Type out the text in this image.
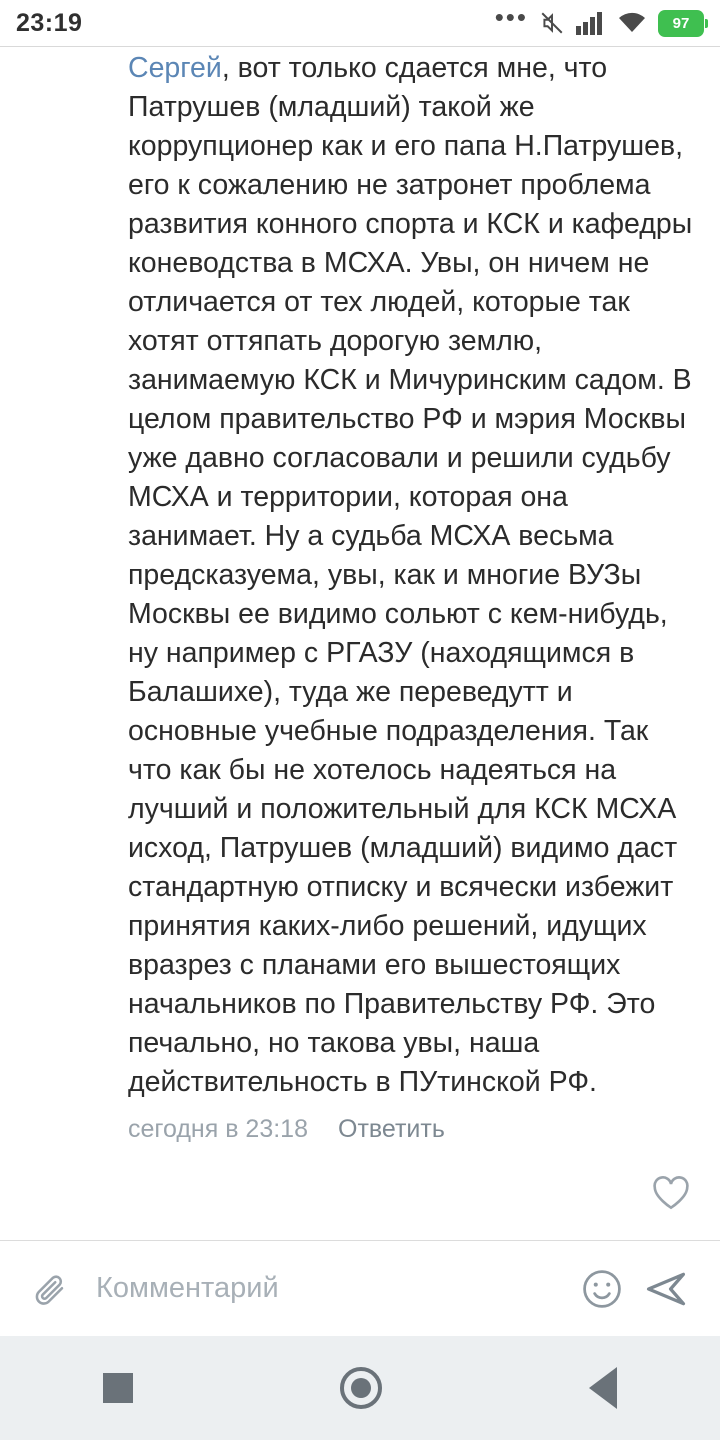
23:19	•••	97
Сергей, вот только сдается мне, что Патрушев (младший) такой же коррупционер как и его папа Н.Патрушев, его к сожалению не затронет проблема развития конного спорта и КСК и кафедры коневодства в МСХА. Увы, он ничем не отличается от тех людей, которые так хотят оттяпать дорогую землю, занимаемую КСК и Мичуринским садом. В целом правительство РФ и мэрия Москвы уже давно согласовали и решили судьбу МСХА и территории, которая она занимает. Ну а судьба МСХА весьма предсказуема, увы, как и многие ВУЗы Москвы ее видимо сольют с кем-нибудь, ну например с РГАЗУ (находящимся в Балашихе), туда же переведутт и основные учебные подразделения. Так что как бы не хотелось надеяться на лучший и положительный для КСК МСХА исход, Патрушев (младший) видимо даст стандартную отписку и всячески избежит принятия каких-либо решений, идущих вразрез с планами его вышестоящих начальников по Правительству РФ. Это печально, но такова увы, наша действительность в ПУтинской РФ.
сегодня в 23:18 Ответить
Комментарий
